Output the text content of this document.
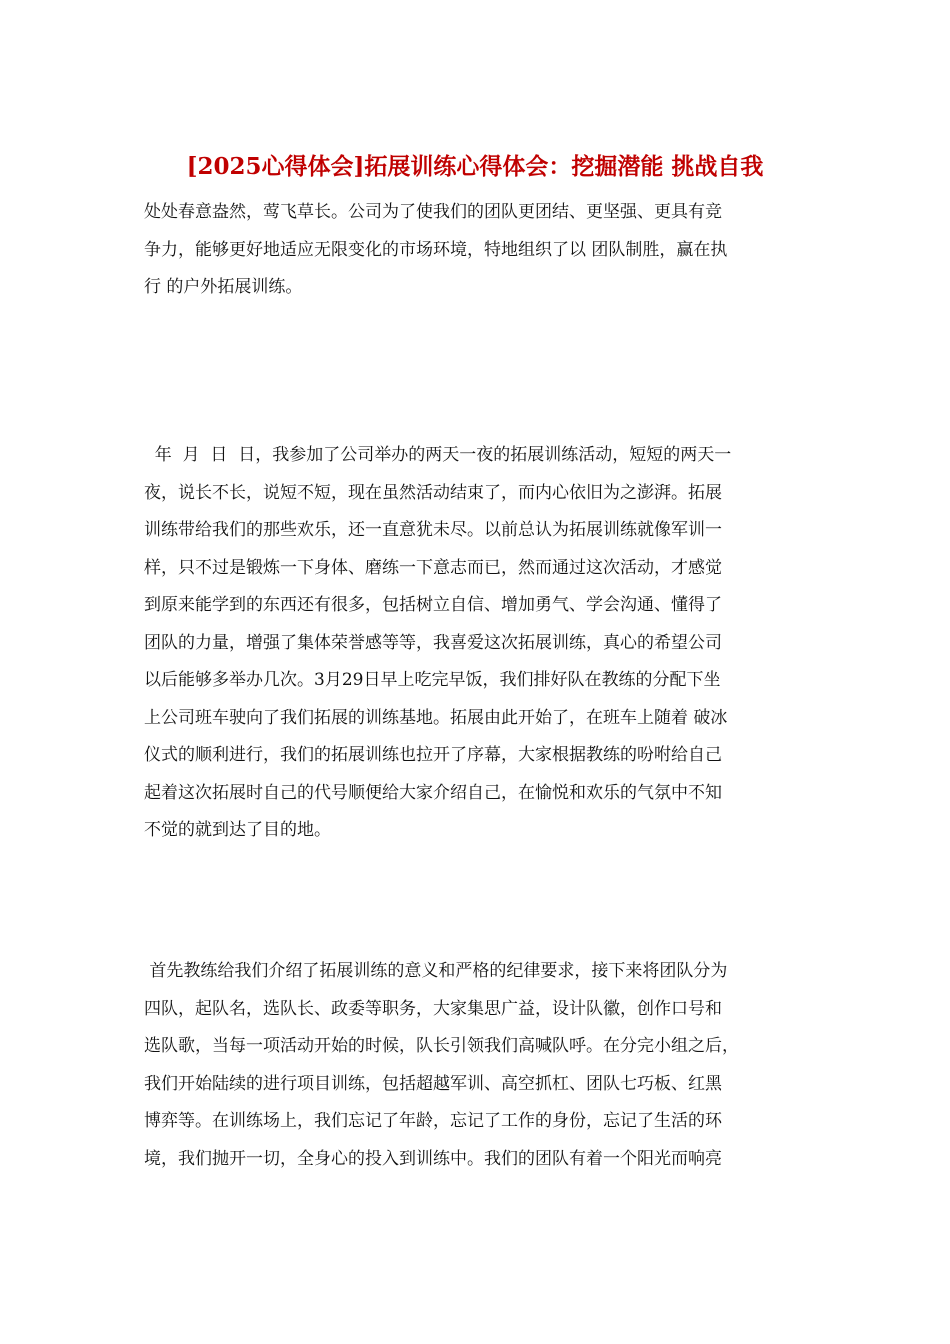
[2025心得体会]拓展训练心得体会：挖掘潜能 挑战自我
处处春意盎然，莺飞草长。公司为了使我们的团队更团结、更坚强、更具有竞
争力，能够更好地适应无限变化的市场环境，特地组织了以 团队制胜，赢在执
行 的户外拓展训练。
年  月  日  日，我参加了公司举办的两天一夜的拓展训练活动，短短的两天一
夜，说长不长，说短不短，现在虽然活动结束了，而内心依旧为之澎湃。拓展
训练带给我们的那些欢乐，还一直意犹未尽。以前总认为拓展训练就像军训一
样，只不过是锻炼一下身体、磨练一下意志而已，然而通过这次活动，才感觉
到原来能学到的东西还有很多，包括树立自信、增加勇气、学会沟通、懂得了
团队的力量，增强了集体荣誉感等等，我喜爱这次拓展训练，真心的希望公司
以后能够多举办几次。3月29日早上吃完早饭，我们排好队在教练的分配下坐
上公司班车驶向了我们拓展的训练基地。拓展由此开始了，在班车上随着 破冰
仪式的顺利进行，我们的拓展训练也拉开了序幕，大家根据教练的吩咐给自己
起着这次拓展时自己的代号顺便给大家介绍自己，在愉悦和欢乐的气氛中不知
不觉的就到达了目的地。
首先教练给我们介绍了拓展训练的意义和严格的纪律要求，接下来将团队分为
四队，起队名，选队长、政委等职务，大家集思广益，设计队徽，创作口号和
选队歌，当每一项活动开始的时候，队长引领我们高喊队呼。在分完小组之后，
我们开始陆续的进行项目训练，包括超越军训、高空抓杠、团队七巧板、红黑
博弈等。在训练场上，我们忘记了年龄，忘记了工作的身份，忘记了生活的环
境，我们抛开一切，全身心的投入到训练中。我们的团队有着一个阳光而响亮
